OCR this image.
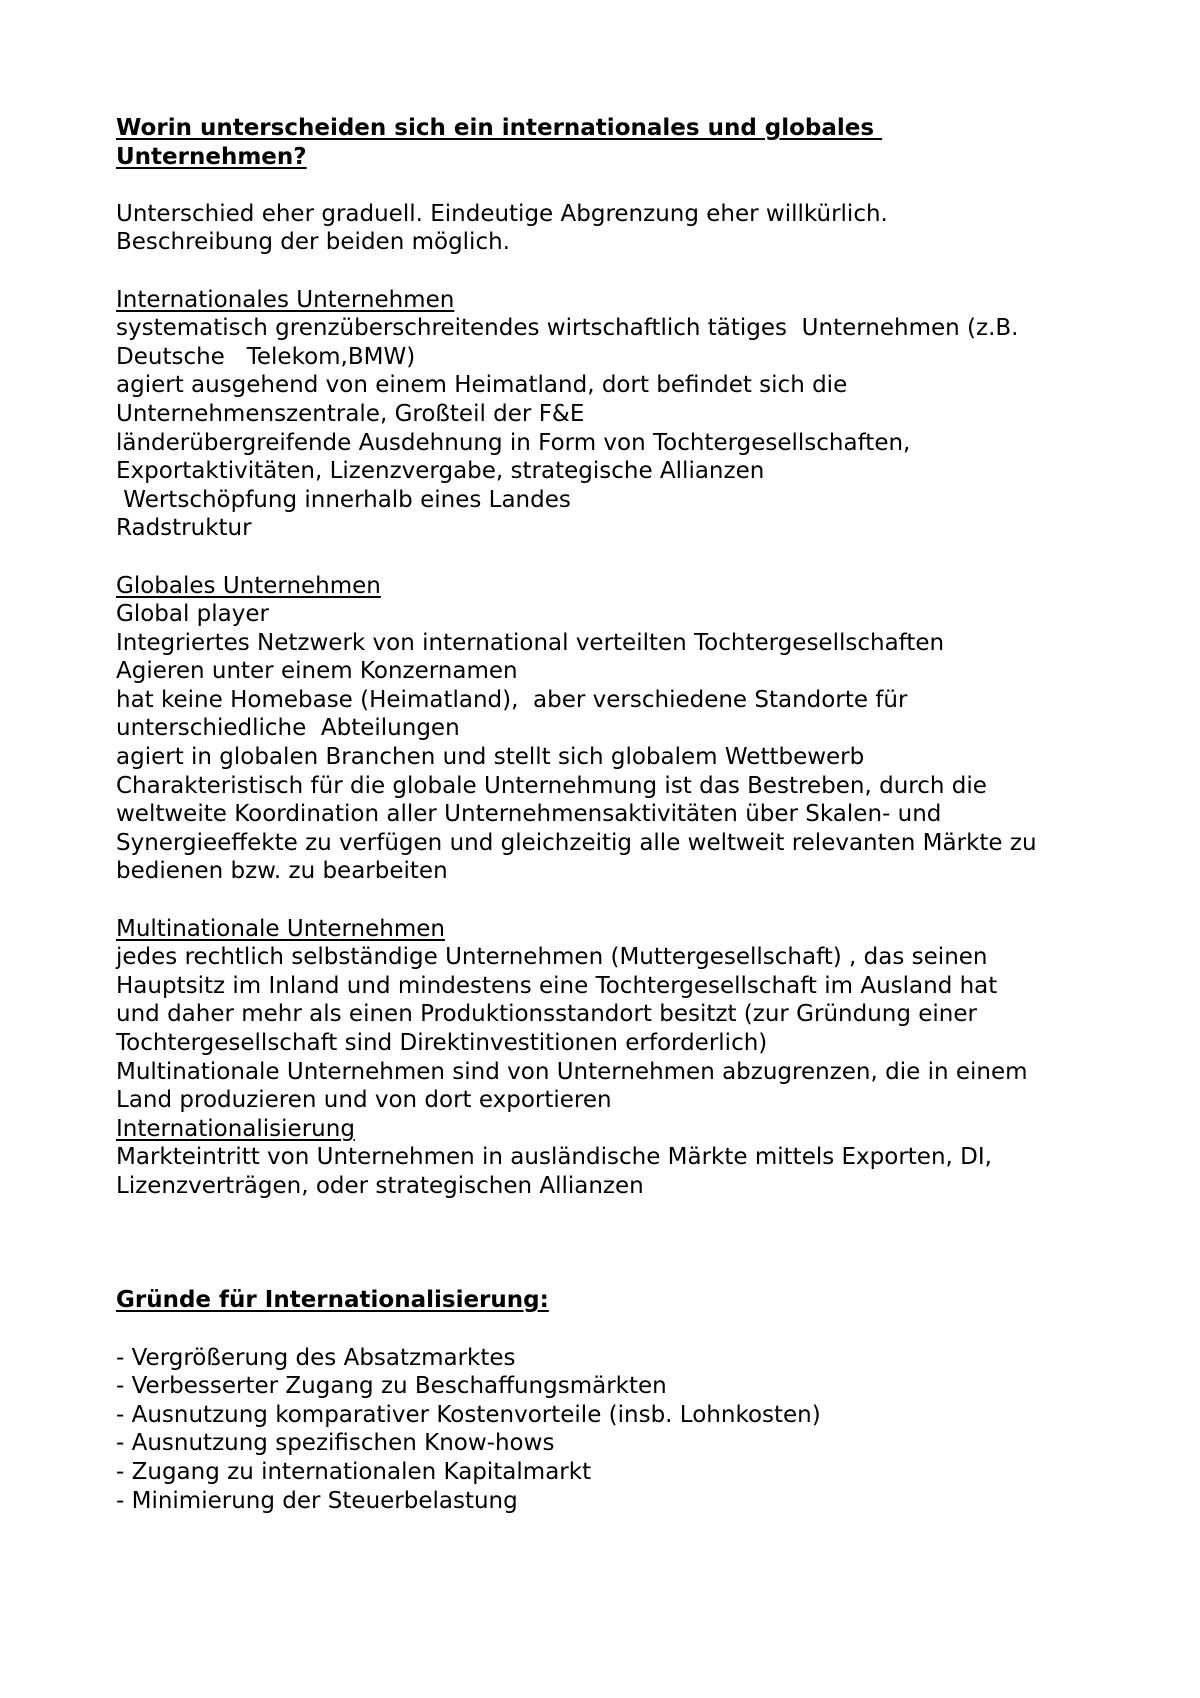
Worin unterscheiden sich ein internationales und globales
Unternehmen?
Unterschied eher graduell. Eindeutige Abgrenzung eher willkürlich.
Beschreibung der beiden möglich.
Internationales Unternehmen
systematisch grenzüberschreitendes wirtschaftlich tätiges  Unternehmen (z.B.
Deutsche   Telekom,BMW)
agiert ausgehend von einem Heimatland, dort befindet sich die
Unternehmenszentrale, Großteil der F&E
länderübergreifende Ausdehnung in Form von Tochtergesellschaften,
Exportaktivitäten, Lizenzvergabe, strategische Allianzen
Wertschöpfung innerhalb eines Landes
Radstruktur
Globales Unternehmen
Global player
Integriertes Netzwerk von international verteilten Tochtergesellschaften
Agieren unter einem Konzernamen
hat keine Homebase (Heimatland),  aber verschiedene Standorte für
unterschiedliche  Abteilungen
agiert in globalen Branchen und stellt sich globalem Wettbewerb
Charakteristisch für die globale Unternehmung ist das Bestreben, durch die
weltweite Koordination aller Unternehmensaktivitäten über Skalen- und
Synergieeffekte zu verfügen und gleichzeitig alle weltweit relevanten Märkte zu
bedienen bzw. zu bearbeiten
Multinationale Unternehmen
jedes rechtlich selbständige Unternehmen (Muttergesellschaft) , das seinen
Hauptsitz im Inland und mindestens eine Tochtergesellschaft im Ausland hat
und daher mehr als einen Produktionsstandort besitzt (zur Gründung einer
Tochtergesellschaft sind Direktinvestitionen erforderlich)
Multinationale Unternehmen sind von Unternehmen abzugrenzen, die in einem
Land produzieren und von dort exportieren
Internationalisierung
Markteintritt von Unternehmen in ausländische Märkte mittels Exporten, DI,
Lizenzverträgen, oder strategischen Allianzen
Gründe für Internationalisierung:
- Vergrößerung des Absatzmarktes
- Verbesserter Zugang zu Beschaffungsmärkten
- Ausnutzung komparativer Kostenvorteile (insb. Lohnkosten)
- Ausnutzung spezifischen Know-hows
- Zugang zu internationalen Kapitalmarkt
- Minimierung der Steuerbelastung
